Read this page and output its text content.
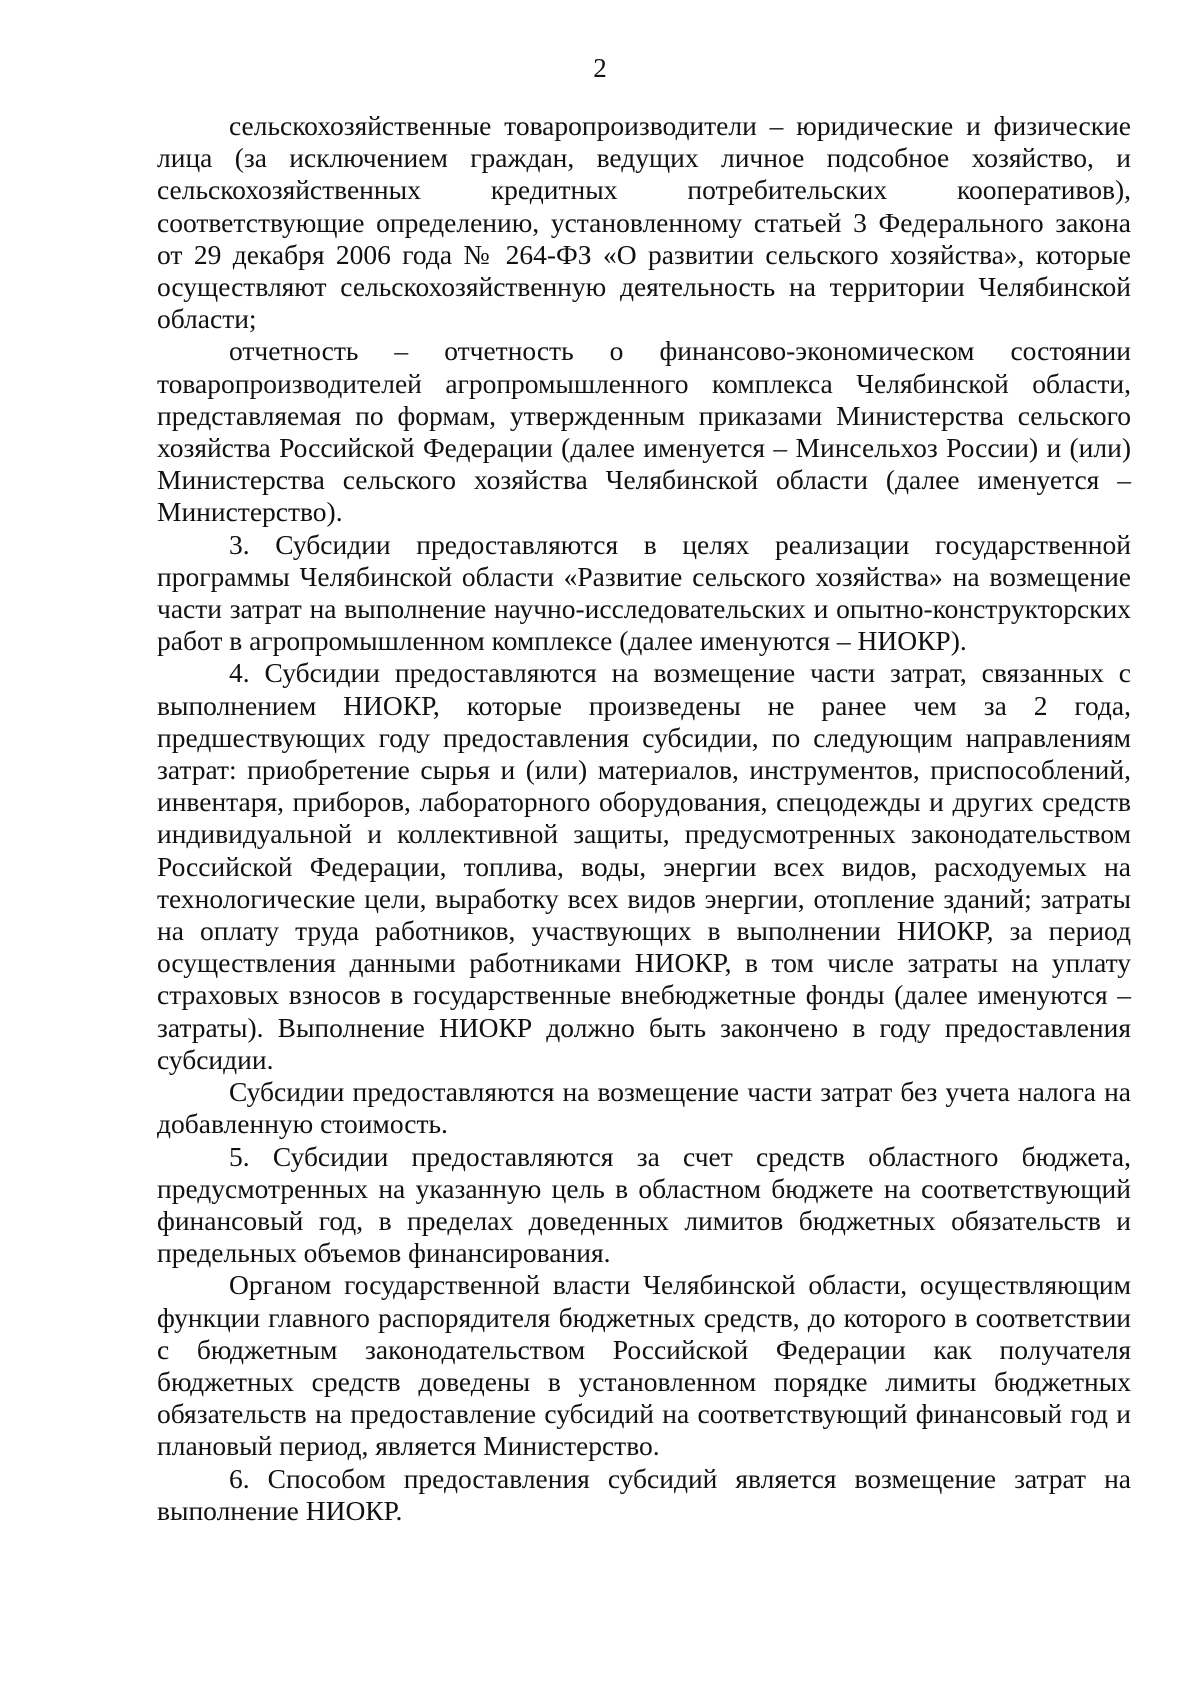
2

сельскохозяйственные товаропроизводители – юридические и физические лица (за исключением граждан, ведущих личное подсобное хозяйство, и сельскохозяйственных кредитных потребительских кооперативов), соответствующие определению, установленному статьей 3 Федерального закона от 29 декабря 2006 года № 264-ФЗ «О развитии сельского хозяйства», которые осуществляют сельскохозяйственную деятельность на территории Челябинской области;

отчетность – отчетность о финансово-экономическом состоянии товаропроизводителей агропромышленного комплекса Челябинской области, представляемая по формам, утвержденным приказами Министерства сельского хозяйства Российской Федерации (далее именуется – Минсельхоз России) и (или) Министерства сельского хозяйства Челябинской области (далее именуется – Министерство).

3. Субсидии предоставляются в целях реализации государственной программы Челябинской области «Развитие сельского хозяйства» на возмещение части затрат на выполнение научно-исследовательских и опытно-конструкторских работ в агропромышленном комплексе (далее именуются – НИОКР).

4. Субсидии предоставляются на возмещение части затрат, связанных с выполнением НИОКР, которые произведены не ранее чем за 2 года, предшествующих году предоставления субсидии, по следующим направлениям затрат: приобретение сырья и (или) материалов, инструментов, приспособлений, инвентаря, приборов, лабораторного оборудования, спецодежды и других средств индивидуальной и коллективной защиты, предусмотренных законодательством Российской Федерации, топлива, воды, энергии всех видов, расходуемых на технологические цели, выработку всех видов энергии, отопление зданий; затраты на оплату труда работников, участвующих в выполнении НИОКР, за период осуществления данными работниками НИОКР, в том числе затраты на уплату страховых взносов в государственные внебюджетные фонды (далее именуются – затраты). Выполнение НИОКР должно быть закончено в году предоставления субсидии.

Субсидии предоставляются на возмещение части затрат без учета налога на добавленную стоимость.

5. Субсидии предоставляются за счет средств областного бюджета, предусмотренных на указанную цель в областном бюджете на соответствующий финансовый год, в пределах доведенных лимитов бюджетных обязательств и предельных объемов финансирования.

Органом государственной власти Челябинской области, осуществляющим функции главного распорядителя бюджетных средств, до которого в соответствии с бюджетным законодательством Российской Федерации как получателя бюджетных средств доведены в установленном порядке лимиты бюджетных обязательств на предоставление субсидий на соответствующий финансовый год и плановый период, является Министерство.

6. Способом предоставления субсидий является возмещение затрат на выполнение НИОКР.
